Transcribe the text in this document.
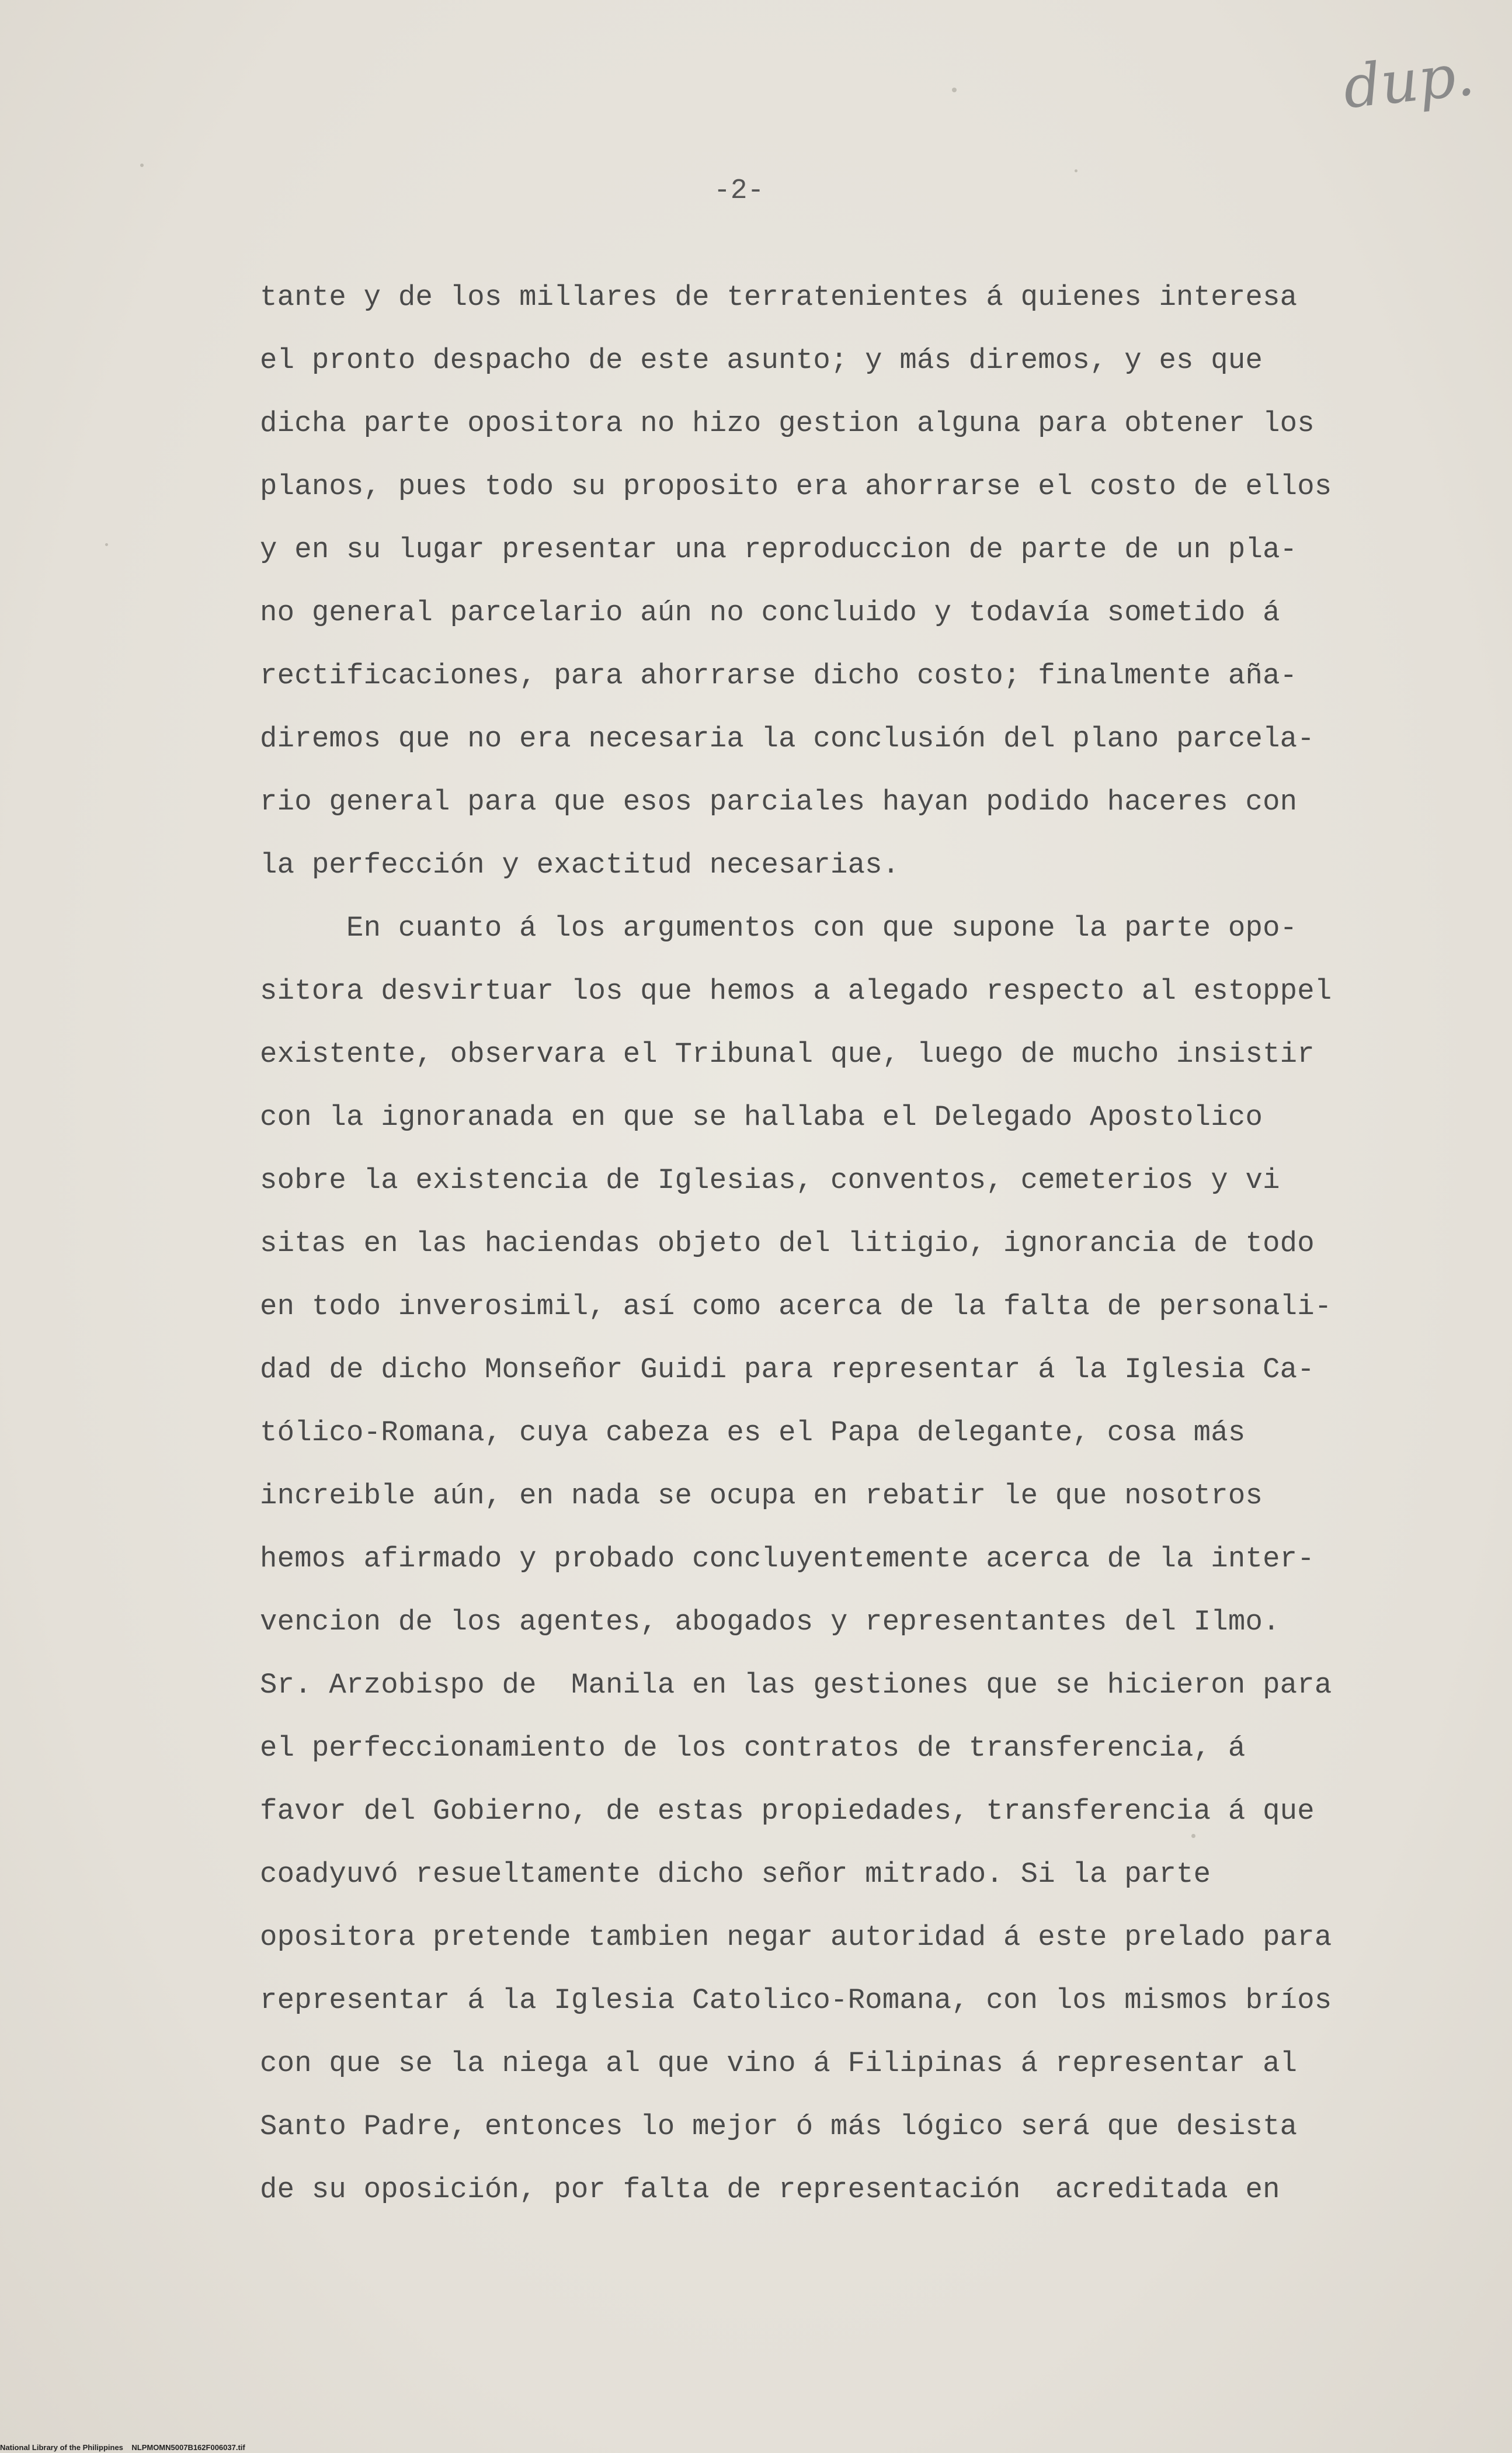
dup.
-2-
tante y de los millares de terratenientes á quienes interesa
el pronto despacho de este asunto; y más diremos, y es que
dicha parte opositora no hizo gestion alguna para obtener los
planos, pues todo su proposito era ahorrarse el costo de ellos
y en su lugar presentar una reproduccion de parte de un pla-
no general parcelario aún no concluido y todavía sometido á
rectificaciones, para ahorrarse dicho costo; finalmente aña-
diremos que no era necesaria la conclusión del plano parcela-
rio general para que esos parciales hayan podido haceres con
la perfección y exactitud necesarias.
En cuanto á los argumentos con que supone la parte opo-
sitora desvirtuar los que hemos a alegado respecto al estoppel
existente, observara el Tribunal que, luego de mucho insistir
con la ignoranada en que se hallaba el Delegado Apostolico
sobre la existencia de Iglesias, conventos, cemeterios y vi
sitas en las haciendas objeto del litigio, ignorancia de todo
en todo inverosimil, así como acerca de la falta de personali-
dad de dicho Monseñor Guidi para representar á la Iglesia Ca-
tólico-Romana, cuya cabeza es el Papa delegante, cosa más
increible aún, en nada se ocupa en rebatir le que nosotros
hemos afirmado y probado concluyentemente acerca de la inter-
vencion de los agentes, abogados y representantes del Ilmo.
Sr. Arzobispo de  Manila en las gestiones que se hicieron para
el perfeccionamiento de los contratos de transferencia, á
favor del Gobierno, de estas propiedades, transferencia á que
coadyuvó resueltamente dicho señor mitrado. Si la parte
opositora pretende tambien negar autoridad á este prelado para
representar á la Iglesia Catolico-Romana, con los mismos bríos
con que se la niega al que vino á Filipinas á representar al
Santo Padre, entonces lo mejor ó más lógico será que desista
de su oposición, por falta de representación  acreditada en
National Library of the Philippines    NLPMOMN5007B162F006037.tif
